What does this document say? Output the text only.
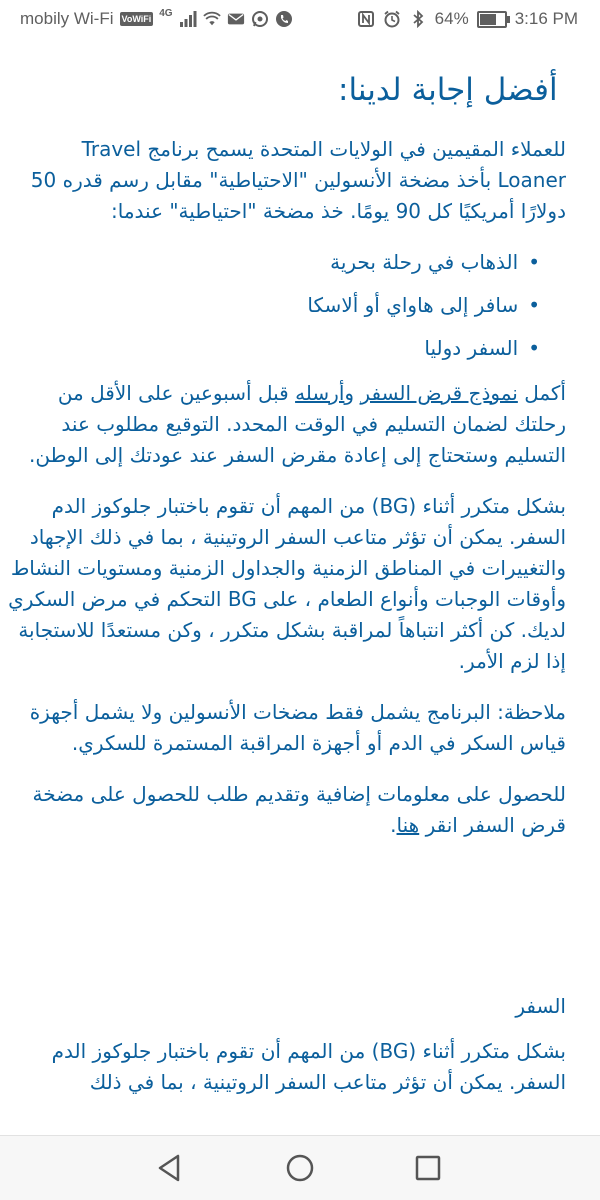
mobily Wi-Fi VoWiFi
4G	64%	3:16 PM
أفضل إجابة لدينا:

للعملاء المقيمين في الولايات المتحدة يسمح برنامج Travel Loaner بأخذ مضخة الأنسولين "الاحتياطية" مقابل رسم قدره 50 دولارًا أمريكيًا كل 90 يومًا. خذ مضخة "احتياطية" عندما:

• الذهاب في رحلة بحرية
• سافر إلى هاواي أو ألاسكا
• السفر دوليا

أكمل نموذج قرض السفر وأرسله قبل أسبوعين على الأقل من رحلتك لضمان التسليم في الوقت المحدد. التوقيع مطلوب عند التسليم وستحتاج إلى إعادة مقرض السفر عند عودتك إلى الوطن.

بشكل متكرر أثناء (BG) من المهم أن تقوم باختبار جلوكوز الدم السفر. يمكن أن تؤثر متاعب السفر الروتينية ، بما في ذلك الإجهاد والتغييرات في المناطق الزمنية والجداول الزمنية ومستويات النشاط وأوقات الوجبات وأنواع الطعام ، على BG التحكم في مرض السكري لديك. كن أكثر انتباهاً لمراقبة بشكل متكرر ، وكن مستعدًا للاستجابة إذا لزم الأمر.

ملاحظة: البرنامج يشمل فقط مضخات الأنسولين ولا يشمل أجهزة قياس السكر في الدم أو أجهزة المراقبة المستمرة للسكري.

للحصول على معلومات إضافية وتقديم طلب للحصول على مضخة قرض السفر انقر هنا.

السفر

بشكل متكرر أثناء (BG) من المهم أن تقوم باختبار جلوكوز الدم السفر. يمكن أن تؤثر متاعب السفر الروتينية ، بما في ذلك
